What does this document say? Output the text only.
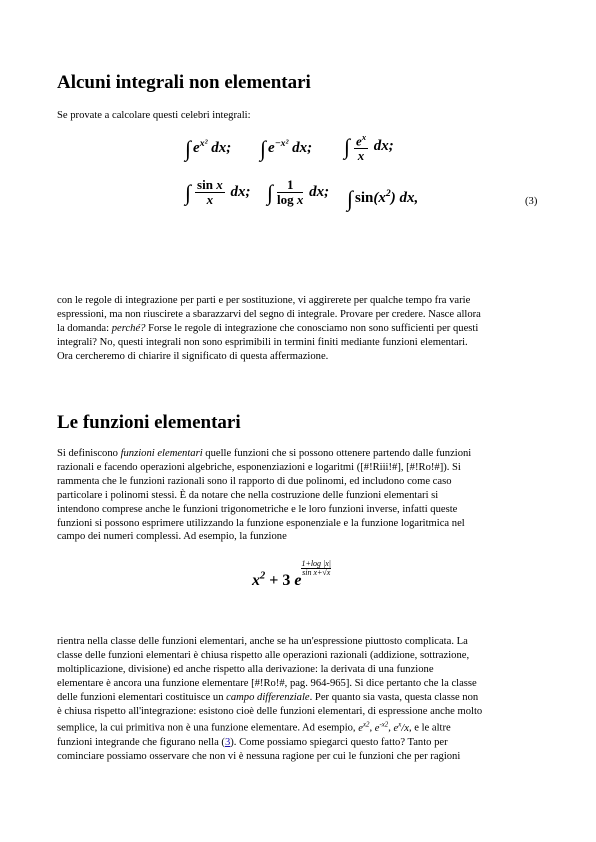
Alcuni integrali non elementari

Se provate a calcolare questi celebri integrali:

∫ $e^{x^2}$ dx; ∫ $e^{-x^2}$ dx; ∫ $\frac{e^x}{x}$ dx;
∫ $\frac{\text{sin x}}{x}$ dx; ∫ $\frac{1}{\text{log x}}$ dx; ∫ $\sin(x^2)$ dx,	(3)

con le regole di integrazione per parti e per sostituzione, vi aggirerete per qualche tempo fra varie
espressioni, ma non riuscirete a sbarazzarvi del segno di integrale. Provare per credere. Nasce allora
la domanda: perché? Forse le regole di integrazione che conosciamo non sono sufficienti per questi
integrali? No, questi integrali non sono esprimibili in termini finiti mediante funzioni elementari.
Ora cercheremo di chiarire il significato di questa affermazione.

Le funzioni elementari

Si definiscono funzioni elementari quelle funzioni che si possono ottenere partendo dalle funzioni
razionali e facendo operazioni algebriche, esponenziazioni e logaritmi ([#!Riii!#], [#!Ro!#]). Si
rammenta che le funzioni razionali sono il rapporto di due polinomi, ed includono come caso
particolare i polinomi stessi. È da notare che nella costruzione delle funzioni elementari si
intendono comprese anche le funzioni trigonometriche e le loro funzioni inverse, infatti queste
funzioni si possono esprimere utilizzando la funzione esponenziale e la funzione logaritmica nel
campo dei numeri complessi. Ad esempio, la funzione

$x^2 + 3$ e
$\frac{1+\log |x|}{\text{sin x+√x}}$

rientra nella classe delle funzioni elementari, anche se ha un'espressione piuttosto complicata. La
classe delle funzioni elementari è chiusa rispetto alle operazioni razionali (addizione, sottrazione,
moltiplicazione, divisione) ed anche rispetto alla derivazione: la derivata di una funzione
elementare è ancora una funzione elementare [#!Ro!#, pag. 964-965]. Si dice pertanto che la classe
delle funzioni elementari costituisce un campo differenziale. Per quanto sia vasta, questa classe non
è chiusa rispetto all'integrazione: esistono cioè delle funzioni elementari, di espressione anche molto
semplice, la cui primitiva non è una funzione elementare. Ad esempio, $e^{x2}$, $e^{-x2}$, $e^x/x$, e le altre
funzioni integrande che figurano nella (3). Come possiamo spiegarci questo fatto? Tanto per
cominciare possiamo osservare che non vi è nessuna ragione per cui le funzioni che per ragioni
